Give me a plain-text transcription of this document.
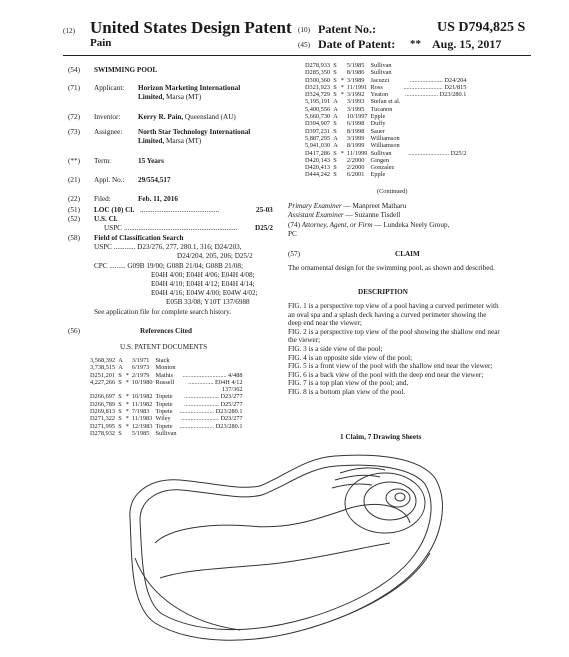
(12) United States Design Patent
Pain
(10) Patent No.:	US D794,825 S
(45) Date of Patent: ** Aug. 15, 2017
(54)	SWIMMING POOL
(71)	Applicant: Horizon Marketing International
Limited, Marsa (MT)
(72)	Inventor: Kerry R. Pain, Queensland (AU)
(73)	Assignee: North Star Technology International
Limited, Marsa (MT)
(**)	Term:	15 Years
(21)	Appl. No.: 29/554,517
(22)	Filed:	Feb. 11, 2016
(51)	LOC (10) Cl. ............................................	25-03
(52)	U.S. Cl.
USPC ............................................................... D25/2
(58)	Field of Classification Search
USPC ............ D23/276, 277, 280.1, 316; D24/203,
D24/204, 205, 206; D25/2
CPC ......... G09B 19/00; G08B 21/04; G08B 21/08;
E04H 4/00; E04H 4/06; E04H 4/08;
E04H 4/10; E04H 4/12; E04H 4/14;
E04H 4/16; E04W 4/00; E04W 4/02;
E05B 33/08; Y10T 137/6988
See application file for complete search history.
(56)	References Cited
U.S. PATENT DOCUMENTS
3,568,392	A		3/1971	Stack	
3,738,515	A		6/1973	Monton	
D251,201	S	*	2/1979	Mathis	............................ 4/488
4,227,266	S	*	10/1980	Russell	................ E04H 4/12
					137/362
D266,697	S	*	10/1982	Topete	...................... D23/277
D266,789	S	*	11/1982	Topete	...................... D25/277
D269,813	S	*	7/1983	Topete	...................... D23/280.1
D271,322	S	*	11/1983	Wiley	........................ D23/277
D271,995	S	*	12/1983	Topete	...................... D23/280.1
D278,932	S		5/1985	Sullivan	
D278,933	S		5/1985	Sullivan	
D285,350	S		8/1986	Sullivan	
D300,360	S	*	3/1989	Jacuzzi	..................... D24/204
D321,923	S	*	11/1991	Ross	......................... D21/815
D324,729	S	*	3/1992	Yeaton	..................... D23/280.1
5,195,191	A		3/1993	Stefan et al.	
5,400,556	A		3/1995	Tucanon	
5,660,730	A		10/1997	Epple	
D394,907	S		6/1998	Duffy	
D397,231	S		8/1998	Sauer	
5,887,295	A		3/1999	Williamson	
5,941,030	A		8/1999	Williamson	
D417,286	S	*	11/1999	Sullivan	.......................... D25/2
D420,143	S		2/2000	Gingen	
D420,413	S		2/2000	Gonzalez	
D444,242	S		6/2001	Epple	
(Continued)
Primary Examiner — Manpreet Matharu
Assistant Examiner — Suzanne Tisdell
(74) Attorney, Agent, or Firm — Lundeka Neely Group,
PC
(57)	CLAIM
The ornamental design for the swimming pool, as shown and described.
DESCRIPTION

FIG. 1 is a perspective top view of a pool having a curved perimeter with an oval spa and a splash deck having a curved perimeter showing the deep end near the viewer;

FIG. 2 is a perspective top view of the pool showing the shallow end near the viewer;

FIG. 3 is a side view of the pool;

FIG. 4 is an opposite side view of the pool;

FIG. 5 is a front view of the pool with the shallow end near the viewer;

FIG. 6 is a back view of the pool with the deep end near the viewer;

FIG. 7 is a top plan view of the pool; and,

FIG. 8 is a bottom plan view of the pool.

1 Claim, 7 Drawing Sheets
